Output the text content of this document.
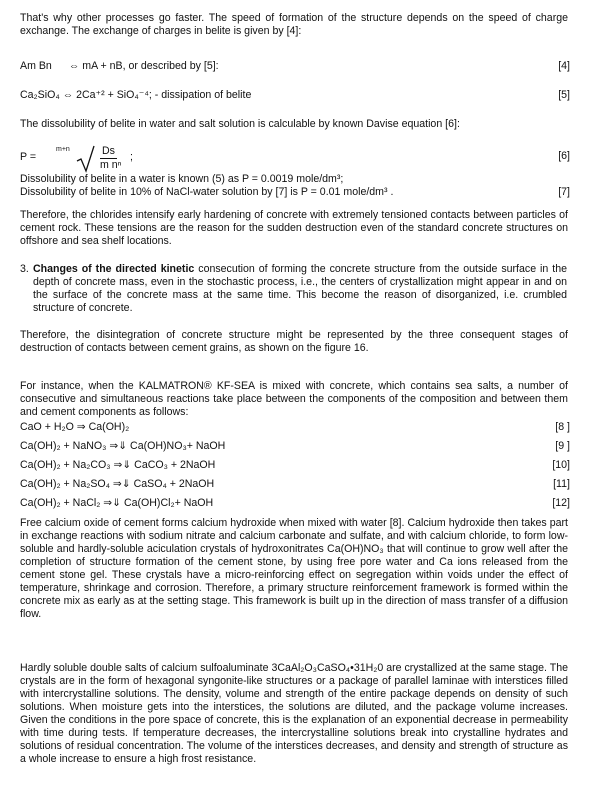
That's why other processes go faster. The speed of formation of the structure depends on the speed of charge exchange. The exchange of charges in belite is given by [4]:
Am Bn ⇔ mA + nB, or described by [5]:	[4]
Ca₂SiO₄ ⇔ 2Ca⁺² + SiO₄⁻⁴; - dissipation of belite	[5]
The dissolubility of belite in water and salt solution is calculable by known Davise equation [6]:
P =
m+n	Ds
m nⁿ
;	[6]
Dissolubility of belite in a water is known (5) as P = 0.0019 mole/dm³;
Dissolubility of belite in 10% of NaCl-water solution by [7] is P = 0.01 mole/dm³ .	[7]
Therefore, the chlorides intensify early hardening of concrete with extremely tensioned contacts between particles of cement rock. These tensions are the reason for the sudden destruction even of the standard concrete structures on offshore and sea shelf locations.
3. Changes of the directed kinetic consecution of forming the concrete structure from the outside surface in the depth of concrete mass, even in the stochastic process, i.e., the centers of crystallization might appear in and on the surface of the concrete mass at the same time. This become the reason of disorganized, i.e. crumbled structure of concrete.
Therefore, the disintegration of concrete structure might be represented by the three consequent stages of destruction of contacts between cement grains, as shown on the figure 16.
For instance, when the KALMATRON® KF-SEA is mixed with concrete, which contains sea salts, a number of consecutive and simultaneous reactions take place between the components of the composition and between them and cement components as follows:
CaO + H₂O ⇒ Ca(OH)₂	[8 ]
Ca(OH)₂ + NaNO₃ ⇒⇓ Ca(OH)NO₃+ NaOH	[9 ]
Ca(OH)₂ + Na₂CO₃ ⇒⇓ CaCO₃ + 2NaOH	[10]
Ca(OH)₂ + Na₂SO₄ ⇒⇓ CaSO₄ + 2NaOH	[11]
Ca(OH)₂ + NaCl₂ ⇒⇓ Ca(OH)Cl₂+ NaOH	[12]
Free calcium oxide of cement forms calcium hydroxide when mixed with water [8]. Calcium hydroxide then takes part in exchange reactions with sodium nitrate and calcium carbonate and sulfate, and with calcium chloride, to form low-soluble and hardly-soluble aciculation crystals of hydroxonitrates Ca(OH)NO₃ that will continue to grow well after the completion of structure formation of the cement stone, by using free pore water and Ca ions released from the cement stone gel. These crystals have a micro-reinforcing effect on segregation within voids under the effect of temperature, shrinkage and corrosion. Therefore, a primary structure reinforcement framework is formed within the concrete mix as early as at the setting stage. This framework is built up in the direction of mass transfer of a diffusion flow.
Hardly soluble double salts of calcium sulfoaluminate 3CaAl₂O₃CaSO₄•31H₂0 are crystallized at the same stage. The crystals are in the form of hexagonal syngonite-like structures or a package of parallel laminae with interstices filled with intercrystalline solutions. The density, volume and strength of the entire package depends on density of such solutions. When moisture gets into the interstices, the solutions are diluted, and the package volume increases. Given the conditions in the pore space of concrete, this is the explanation of an exponential decrease in permeability with time during tests. If temperature decreases, the intercrystalline solutions break into crystalline hydrates and solutions of residual concentration. The volume of the interstices decreases, and density and strength of structure as a whole increase to ensure a high frost resistance.
